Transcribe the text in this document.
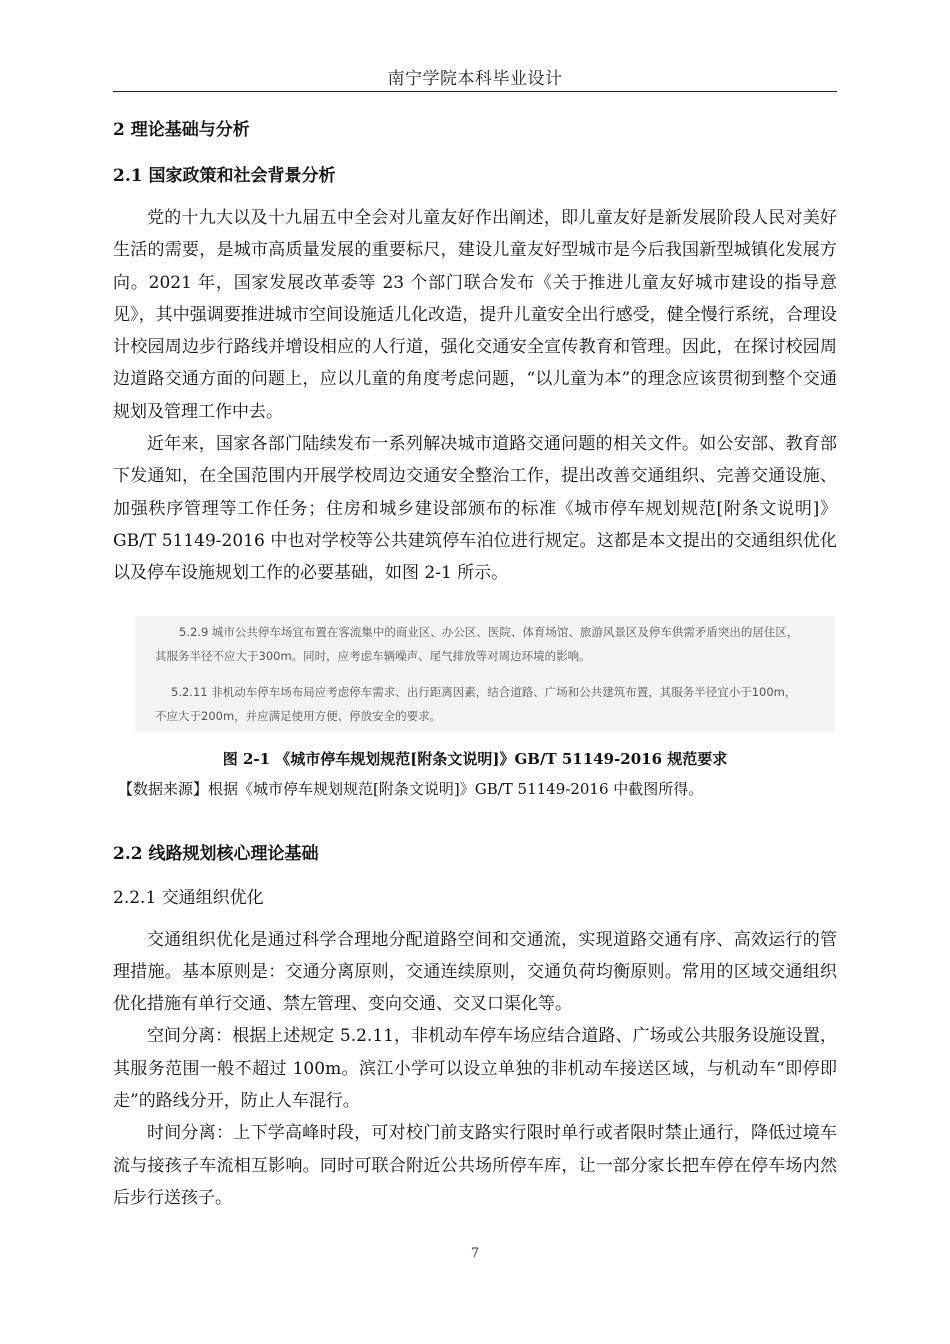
南宁学院本科毕业设计
2 理论基础与分析
2.1 国家政策和社会背景分析

党的十九大以及十九届五中全会对儿童友好作出阐述，即儿童友好是新发展阶段人民对美好生活的需要，是城市高质量发展的重要标尺，建设儿童友好型城市是今后我国新型城镇化发展方向。2021 年，国家发展改革委等 23 个部门联合发布《关于推进儿童友好城市建设的指导意见》，其中强调要推进城市空间设施适儿化改造，提升儿童安全出行感受，健全慢行系统，合理设计校园周边步行路线并增设相应的人行道，强化交通安全宣传教育和管理。因此，在探讨校园周边道路交通方面的问题上，应以儿童的角度考虑问题，“以儿童为本”的理念应该贯彻到整个交通规划及管理工作中去。

近年来，国家各部门陆续发布一系列解决城市道路交通问题的相关文件。如公安部、教育部下发通知，在全国范围内开展学校周边交通安全整治工作，提出改善交通组织、完善交通设施、加强秩序管理等工作任务；住房和城乡建设部颁布的标准《城市停车规划规范[附条文说明]》GB/T 51149-2016 中也对学校等公共建筑停车泊位进行规定。这都是本文提出的交通组织优化以及停车设施规划工作的必要基础，如图 2-1 所示。

5.2.9 城市公共停车场宜布置在客流集中的商业区、办公区、医院、体育场馆、旅游风景区及停车供需矛盾突出的居住区，
其服务半径不应大于300m。同时，应考虑车辆噪声、尾气排放等对周边环境的影响。
5.2.11 非机动车停车场布局应考虑停车需求、出行距离因素，结合道路、广场和公共建筑布置，其服务半径宜小于100m，
不应大于200m，并应满足使用方便、停放安全的要求。
图 2-1 《城市停车规划规范[附条文说明]》GB/T 51149-2016 规范要求
【数据来源】根据《城市停车规划规范[附条文说明]》GB/T 51149-2016 中截图所得。
2.2 线路规划核心理论基础
2.2.1 交通组织优化

交通组织优化是通过科学合理地分配道路空间和交通流，实现道路交通有序、高效运行的管理措施。基本原则是：交通分离原则，交通连续原则，交通负荷均衡原则。常用的区域交通组织优化措施有单行交通、禁左管理、变向交通、交叉口渠化等。

空间分离：根据上述规定 5.2.11，非机动车停车场应结合道路、广场或公共服务设施设置，其服务范围一般不超过 100m。滨江小学可以设立单独的非机动车接送区域，与机动车“即停即走”的路线分开，防止人车混行。

时间分离：上下学高峰时段，可对校门前支路实行限时单行或者限时禁止通行，降低过境车流与接孩子车流相互影响。同时可联合附近公共场所停车库，让一部分家长把车停在停车场内然后步行送孩子。

7
